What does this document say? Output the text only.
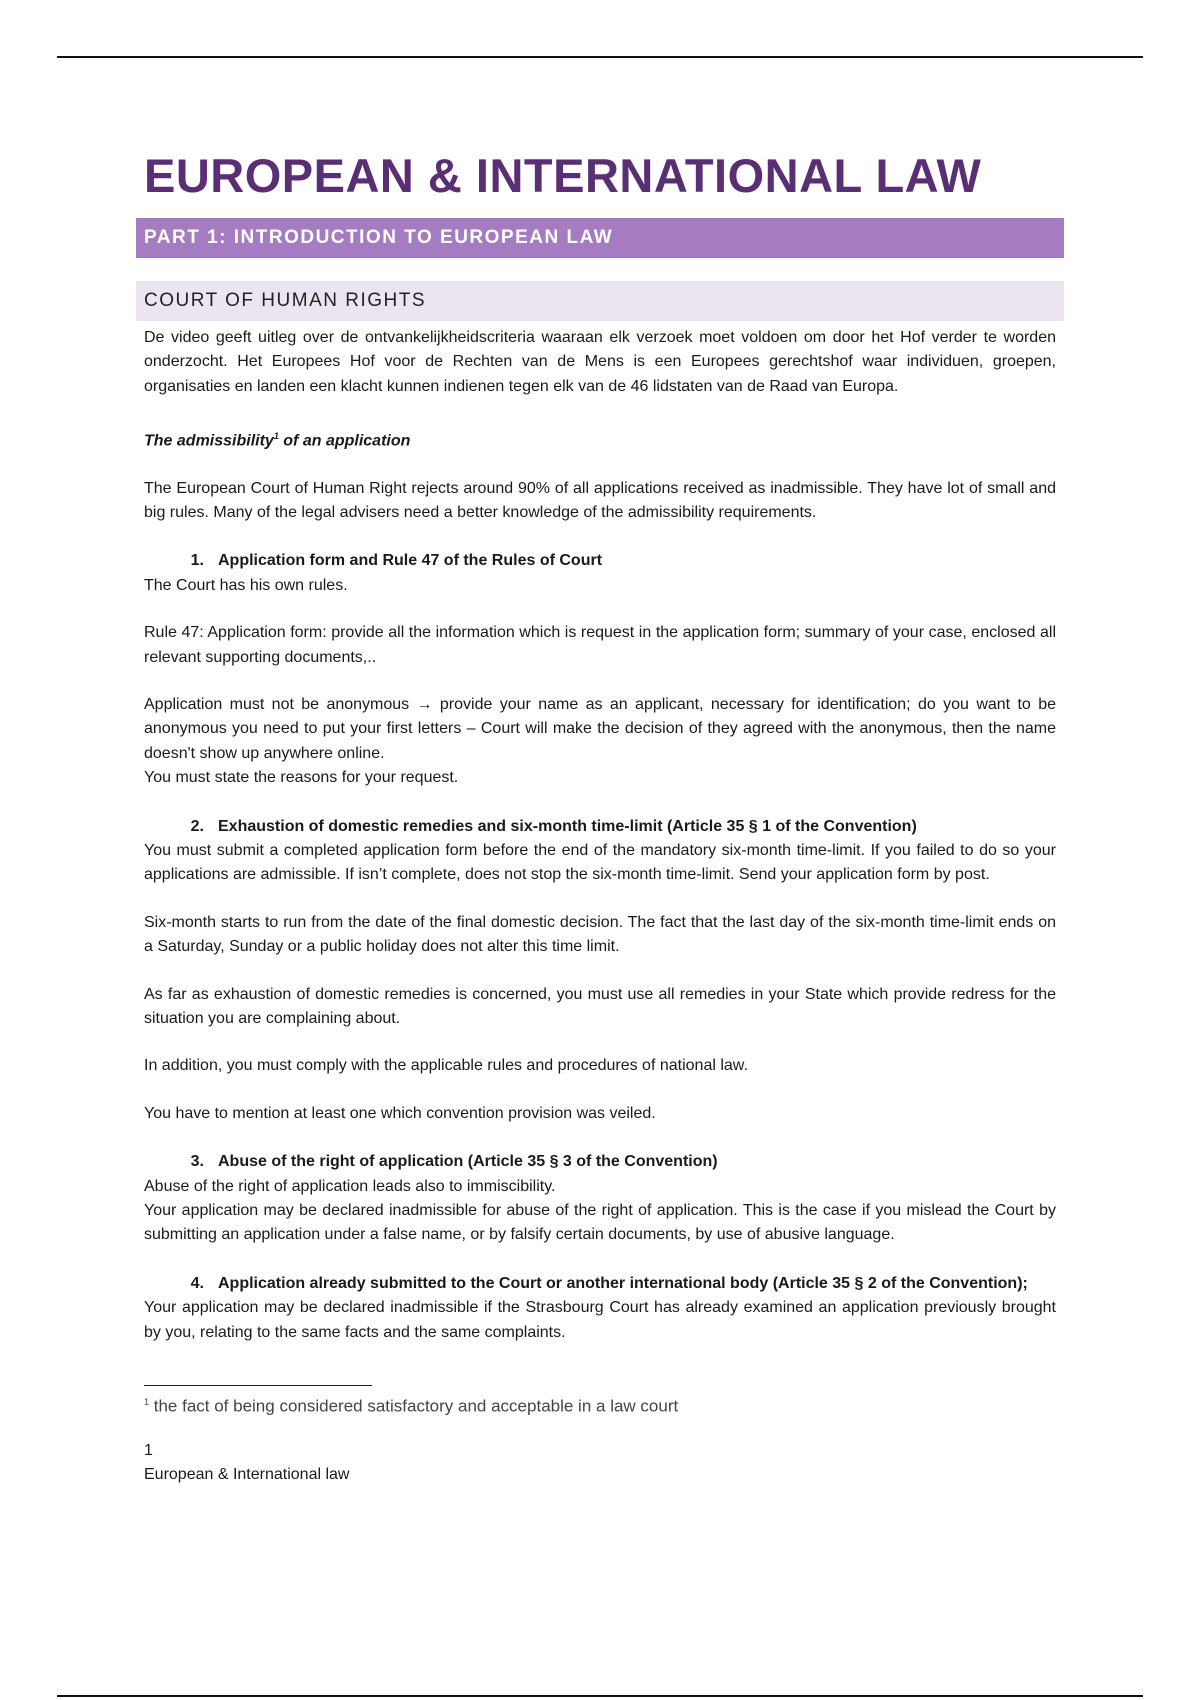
EUROPEAN & INTERNATIONAL LAW
PART 1: INTRODUCTION TO EUROPEAN LAW
COURT OF HUMAN RIGHTS

De video geeft uitleg over de ontvankelijkheidscriteria waaraan elk verzoek moet voldoen om door het Hof verder te worden onderzocht. Het Europees Hof voor de Rechten van de Mens is een Europees gerechtshof waar individuen, groepen, organisaties en landen een klacht kunnen indienen tegen elk van de 46 lidstaten van de Raad van Europa.

The admissibility$^1$ of an application

The European Court of Human Right rejects around 90% of all applications received as inadmissible. They have lot of small and big rules. Many of the legal advisers need a better knowledge of the admissibility requirements.

1. Application form and Rule 47 of the Rules of Court

The Court has his own rules.

Rule 47: Application form: provide all the information which is request in the application form; summary of your case, enclosed all relevant supporting documents,..

Application must not be anonymous → provide your name as an applicant, necessary for identification; do you want to be anonymous you need to put your first letters – Court will make the decision of they agreed with the anonymous, then the name doesn't show up anywhere online.

You must state the reasons for your request.

2. Exhaustion of domestic remedies and six-month time-limit (Article 35 § 1 of the Convention)

You must submit a completed application form before the end of the mandatory six-month time-limit. If you failed to do so your applications are admissible. If isn’t complete, does not stop the six-month time-limit. Send your application form by post.

Six-month starts to run from the date of the final domestic decision. The fact that the last day of the six-month time-limit ends on a Saturday, Sunday or a public holiday does not alter this time limit.

As far as exhaustion of domestic remedies is concerned, you must use all remedies in your State which provide redress for the situation you are complaining about.

In addition, you must comply with the applicable rules and procedures of national law.

You have to mention at least one which convention provision was veiled.

3. Abuse of the right of application (Article 35 § 3 of the Convention)

Abuse of the right of application leads also to immiscibility.

Your application may be declared inadmissible for abuse of the right of application. This is the case if you mislead the Court by submitting an application under a false name, or by falsify certain documents, by use of abusive language.

4. Application already submitted to the Court or another international body (Article 35 § 2 of the Convention);

Your application may be declared inadmissible if the Strasbourg Court has already examined an application previously brought by you, relating to the same facts and the same complaints.

$^1$ the fact of being considered satisfactory and acceptable in a law court
1
European & International law
